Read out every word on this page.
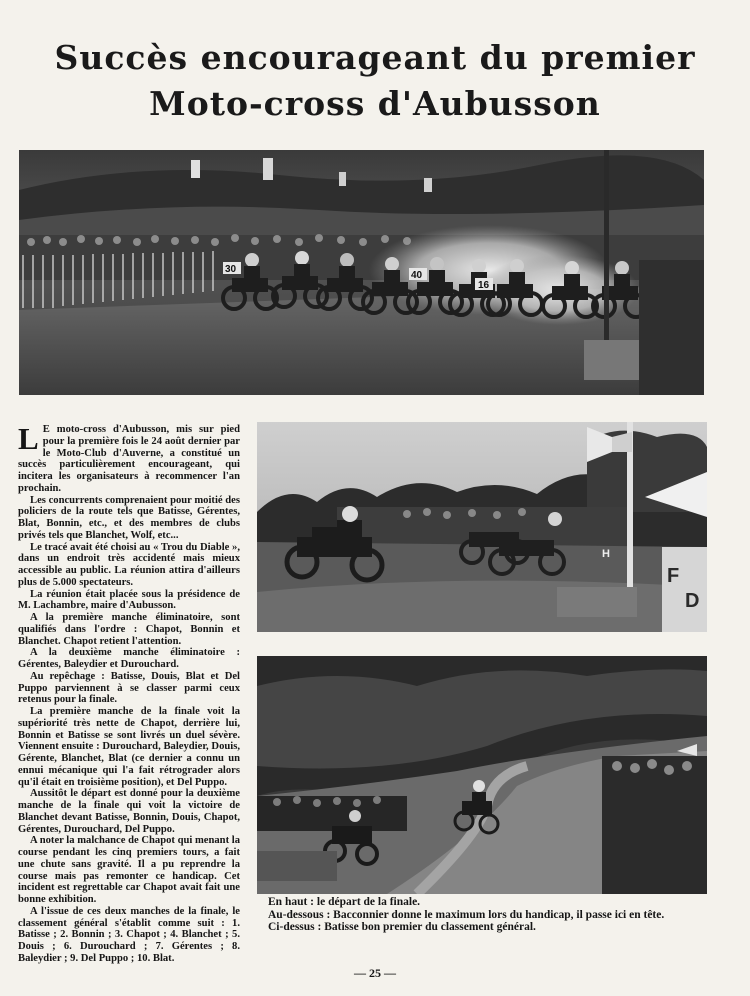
Succès encourageant du premier
Moto-cross d'Aubusson
30
16
40
F
D
H

L E moto-cross d'Aubusson, mis sur pied pour la première fois le 24 août dernier par le Moto-Club d'Auverne, a constitué un succès particulièrement encourageant, qui incitera les organisateurs à recommencer l'an prochain.

Les concurrents comprenaient pour moitié des policiers de la route tels que Batisse, Gérentes, Blat, Bonnin, etc., et des membres de clubs privés tels que Blanchet, Wolf, etc...

Le tracé avait été choisi au « Trou du Diable », dans un endroit très accidenté mais mieux accessible au public. La réunion attira d'ailleurs plus de 5.000 spectateurs.

La réunion était placée sous la présidence de M. Lachambre, maire d'Aubusson.

A la première manche éliminatoire, sont qualifiés dans l'ordre : Chapot, Bonnin et Blanchet. Chapot retient l'attention.

A la deuxième manche éliminatoire : Gérentes, Baleydier et Durouchard.

Au repêchage : Batisse, Douis, Blat et Del Puppo parviennent à se classer parmi ceux retenus pour la finale.

La première manche de la finale voit la supériorité très nette de Chapot, derrière lui, Bonnin et Batisse se sont livrés un duel sévère. Viennent ensuite : Durouchard, Baleydier, Douis, Gérente, Blanchet, Blat (ce dernier a connu un ennui mécanique qui l'a fait rétrograder alors qu'il était en troisième position), et Del Puppo.

Aussitôt le départ est donné pour la deuxième manche de la finale qui voit la victoire de Blanchet devant Batisse, Bonnin, Douis, Chapot, Gérentes, Durouchard, Del Puppo.

A noter la malchance de Chapot qui menant la course pendant les cinq premiers tours, a fait une chute sans gravité. Il a pu reprendre la course mais pas remonter ce handicap. Cet incident est regrettable car Chapot avait fait une bonne exhibition.

A l'issue de ces deux manches de la finale, le classement général s'établit comme suit : 1. Batisse ; 2. Bonnin ; 3. Chapot ; 4. Blanchet ; 5. Douis ; 6. Durouchard ; 7. Gérentes ; 8. Baleydier ; 9. Del Puppo ; 10. Blat.

En haut : le départ de la finale.
Au-dessous : Bacconnier donne le maximum lors du handicap, il passe ici en tête.
Ci-dessus : Batisse bon premier du classement général.
— 25 —
